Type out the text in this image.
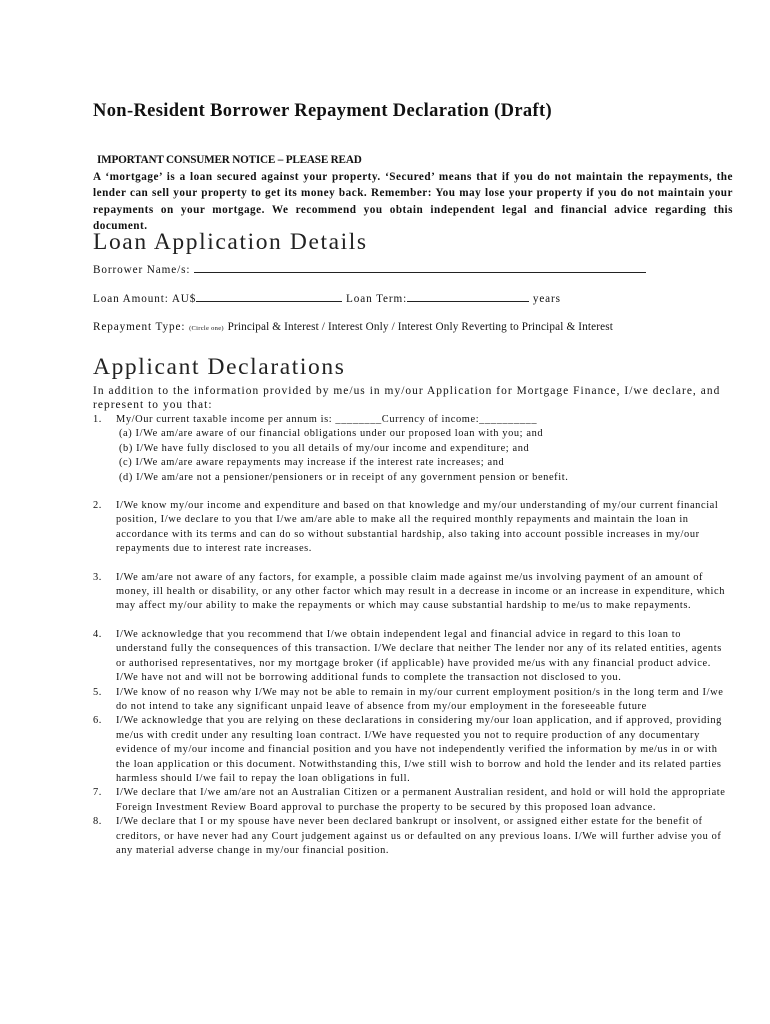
Non-Resident Borrower Repayment Declaration (Draft)
IMPORTANT CONSUMER NOTICE – PLEASE READ
A ‘mortgage’ is a loan secured against your property. ‘Secured’ means that if you do not maintain the repayments, the lender can sell your property to get its money back. Remember: You may lose your property if you do not maintain your repayments on your mortgage. We recommend you obtain independent legal and financial advice regarding this document.
Loan Application Details
Borrower Name/s:
Loan Amount: AU$	Loan Term:	years
Repayment Type: (Circle one) Principal & Interest / Interest Only / Interest Only Reverting to Principal & Interest
Applicant Declarations
In addition to the information provided by me/us in my/our Application for Mortgage Finance, I/we declare, and represent to you that:
1. My/Our current taxable income per annum is: ________Currency of income:__________
(a) I/We am/are aware of our financial obligations under our proposed loan with you; and
(b) I/We have fully disclosed to you all details of my/our income and expenditure; and
(c) I/We am/are aware repayments may increase if the interest rate increases; and
(d) I/We am/are not a pensioner/pensioners or in receipt of any government pension or benefit.
2. I/We know my/our income and expenditure and based on that knowledge and my/our understanding of my/our current financial position, I/we declare to you that I/we am/are able to make all the required monthly repayments and maintain the loan in accordance with its terms and can do so without substantial hardship, also taking into account possible increases in my/our repayments due to interest rate increases.
3. I/We am/are not aware of any factors, for example, a possible claim made against me/us involving payment of an amount of money, ill health or disability, or any other factor which may result in a decrease in income or an increase in expenditure, which may affect my/our ability to make the repayments or which may cause substantial hardship to me/us to make repayments.
4. I/We acknowledge that you recommend that I/we obtain independent legal and financial advice in regard to this loan to understand fully the consequences of this transaction. I/We declare that neither The lender nor any of its related entities, agents or authorised representatives, nor my mortgage broker (if applicable) have provided me/us with any financial product advice. I/We have not and will not be borrowing additional funds to complete the transaction not disclosed to you.
5. I/We know of no reason why I/We may not be able to remain in my/our current employment position/s in the long term and I/we do not intend to take any significant unpaid leave of absence from my/our employment in the foreseeable future
6. I/We acknowledge that you are relying on these declarations in considering my/our loan application, and if approved, providing me/us with credit under any resulting loan contract. I/We have requested you not to require production of any documentary evidence of my/our income and financial position and you have not independently verified the information by me/us in or with the loan application or this document. Notwithstanding this, I/we still wish to borrow and hold the lender and its related parties harmless should I/we fail to repay the loan obligations in full.
7. I/We declare that I/we am/are not an Australian Citizen or a permanent Australian resident, and hold or will hold the appropriate Foreign Investment Review Board approval to purchase the property to be secured by this proposed loan advance.
8. I/We declare that I or my spouse have never been declared bankrupt or insolvent, or assigned either estate for the benefit of creditors, or have never had any Court judgement against us or defaulted on any previous loans. I/We will further advise you of any material adverse change in my/our financial position.
